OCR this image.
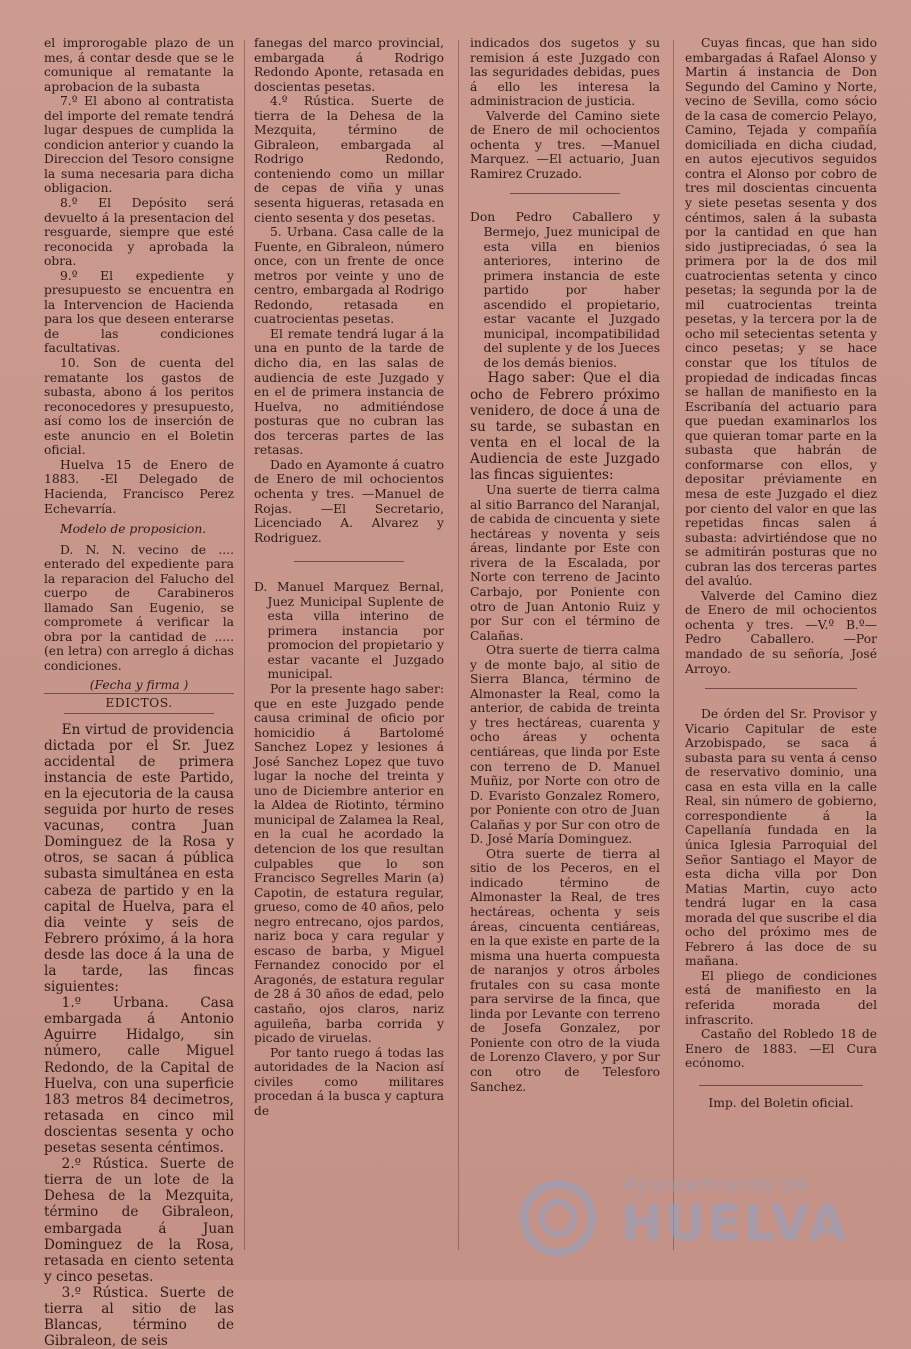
el improrogable plazo de un mes, á contar desde que se le comunique al rematante la aprobacion de la subasta

7.º El abono al contratista del importe del remate tendrá lugar despues de cumplida la condicion anterior y cuando la Direccion del Tesoro consigne la suma necesaria para dicha obligacion.

8.º El Depósito será devuelto á la presentacion del resguarde, siempre que esté reconocida y aprobada la obra.

9.º El expediente y presupuesto se encuentra en la Intervencion de Hacienda para los que deseen enterarse de las condiciones facultativas.

10. Son de cuenta del rematante los gastos de subasta, abono á los peritos reconocedores y presupuesto, así como los de inserción de este anuncio en el Boletin oficial.

Huelva 15 de Enero de 1883. -El Delegado de Hacienda, Francisco Perez Echevarría.

Modelo de proposicion.

D. N. N. vecino de .... enterado del expediente para la reparacion del Falucho del cuerpo de Carabineros llamado San Eugenio, se compromete á verificar la obra por la cantidad de ..... (en letra) con arreglo á dichas condiciones.

(Fecha y firma )

EDICTOS.

En virtud de providencia dictada por el Sr. Juez accidental de primera instancia de este Partido, en la ejecutoria de la causa seguida por hurto de reses vacunas, contra Juan Dominguez de la Rosa y otros, se sacan á pública subasta simultánea en esta cabeza de partido y en la capital de Huelva, para el dia veinte y seis de Febrero próximo, á la hora desde las doce á la una de la tarde, las fincas siguientes:

1.º Urbana. Casa embargada á Antonio Aguirre Hidalgo, sin número, calle Miguel Redondo, de la Capital de Huelva, con una superficie 183 metros 84 decimetros, retasada en cinco mil doscientas sesenta y ocho pesetas sesenta céntimos.

2.º Rústica. Suerte de tierra de un lote de la Dehesa de la Mezquita, término de Gibraleon, embargada á Juan Dominguez de la Rosa, retasada en ciento setenta y cinco pesetas.

3.º Rústica. Suerte de tierra al sitio de las Blancas, término de Gibraleon, de seis

fanegas del marco provincial, embargada á Rodrigo Redondo Aponte, retasada en doscientas pesetas.

4.º Rústica. Suerte de tierra de la Dehesa de la Mezquita, término de Gibraleon, embargada al Rodrigo Redondo, conteniendo como un millar de cepas de viña y unas sesenta higueras, retasada en ciento sesenta y dos pesetas.

5. Urbana. Casa calle de la Fuente, en Gibraleon, número once, con un frente de once metros por veinte y uno de centro, embargada al Rodrigo Redondo, retasada en cuatrocientas pesetas.

El remate tendrá lugar á la una en punto de la tarde de dicho dia, en las salas de audiencia de este Juzgado y en el de primera instancia de Huelva, no admitiéndose posturas que no cubran las dos terceras partes de las retasas.

Dado en Ayamonte á cuatro de Enero de mil ochocientos ochenta y tres. —Manuel de Rojas. —El Secretario, Licenciado A. Alvarez y Rodriguez.

D. Manuel Marquez Bernal, Juez Municipal Suplente de esta villa interino de primera instancia por promocion del propietario y estar vacante el Juzgado municipal.

Por la presente hago saber: que en este Juzgado pende causa criminal de oficio por homicidio á Bartolomé Sanchez Lopez y lesiones á José Sanchez Lopez que tuvo lugar la noche del treinta y uno de Diciembre anterior en la Aldea de Riotinto, término municipal de Zalamea la Real, en la cual he acordado la detencion de los que resultan culpables que lo son Francisco Segrelles Marin (a) Capotin, de estatura regular, grueso, como de 40 años, pelo negro entrecano, ojos pardos, nariz boca y cara regular y escaso de barba, y Miguel Fernandez conocido por el Aragonés, de estatura regular de 28 á 30 años de edad, pelo castaño, ojos claros, nariz aguileña, barba corrida y picado de viruelas.

Por tanto ruego á todas las autoridades de la Nacion así civiles como militares procedan á la busca y captura de

indicados dos sugetos y su remision á este Juzgado con las seguridades debidas, pues á ello les interesa la administracion de justicia.

Valverde del Camino siete de Enero de mil ochocientos ochenta y tres. —Manuel Marquez. —El actuario, Juan Ramirez Cruzado.

Don Pedro Caballero y Bermejo, Juez municipal de esta villa en bienios anteriores, interino de primera instancia de este partido por haber ascendido el propietario, estar vacante el Juzgado municipal, incompatibilidad del suplente y de los Jueces de los demás bienios.

Hago saber: Que el dia ocho de Febrero próximo venidero, de doce á una de su tarde, se subastan en venta en el local de la Audiencia de este Juzgado las fincas siguientes:

Una suerte de tierra calma al sitio Barranco del Naranjal, de cabida de cincuenta y siete hectáreas y noventa y seis áreas, lindante por Este con rivera de la Escalada, por Norte con terreno de Jacinto Carbajo, por Poniente con otro de Juan Antonio Ruiz y por Sur con el término de Calañas.

Otra suerte de tierra calma y de monte bajo, al sitio de Sierra Blanca, término de Almonaster la Real, como la anterior, de cabida de treinta y tres hectáreas, cuarenta y ocho áreas y ochenta centiáreas, que linda por Este con terreno de D. Manuel Muñiz, por Norte con otro de D. Evaristo Gonzalez Romero, por Poniente con otro de Juan Calañas y por Sur con otro de D. José María Dominguez.

Otra suerte de tierra al sitio de los Peceros, en el indicado término de Almonaster la Real, de tres hectáreas, ochenta y seis áreas, cincuenta centiáreas, en la que existe en parte de la misma una huerta compuesta de naranjos y otros árboles frutales con su casa monte para servirse de la finca, que linda por Levante con terreno de Josefa Gonzalez, por Poniente con otro de la viuda de Lorenzo Clavero, y por Sur con otro de Telesforo Sanchez.

Cuyas fincas, que han sido embargadas á Rafael Alonso y Martin á instancia de Don Segundo del Camino y Norte, vecino de Sevilla, como sócio de la casa de comercio Pelayo, Camino, Tejada y compañía domiciliada en dicha ciudad, en autos ejecutivos seguidos contra el Alonso por cobro de tres mil doscientas cincuenta y siete pesetas sesenta y dos céntimos, salen á la subasta por la cantidad en que han sido justipreciadas, ó sea la primera por la de dos mil cuatrocientas setenta y cinco pesetas; la segunda por la de mil cuatrocientas treinta pesetas, y la tercera por la de ocho mil setecientas setenta y cinco pesetas; y se hace constar que los títulos de propiedad de indicadas fincas se hallan de manifiesto en la Escribanía del actuario para que puedan examinarlos los que quieran tomar parte en la subasta que habrán de conformarse con ellos, y depositar préviamente en mesa de este Juzgado el diez por ciento del valor en que las repetidas fincas salen á subasta: advirtiéndose que no se admitirán posturas que no cubran las dos terceras partes del avalúo.

Valverde del Camino diez de Enero de mil ochocientos ochenta y tres. —V.º B.º— Pedro Caballero. —Por mandado de su señoría, José Arroyo.

De órden del Sr. Provisor y Vicario Capitular de este Arzobispado, se saca á subasta para su venta á censo de reservativo dominio, una casa en esta villa en la calle Real, sin número de gobierno, correspondiente á la Capellanía fundada en la única Iglesia Parroquial del Señor Santiago el Mayor de esta dicha villa por Don Matias Martin, cuyo acto tendrá lugar en la casa morada del que suscribe el dia ocho del próximo mes de Febrero á las doce de su mañana.

El pliego de condiciones está de manifiesto en la referida morada del infrascrito.

Castaño del Robledo 18 de Enero de 1883. —El Cura ecónomo.

Imp. del Boletin oficial.

Ayuntamiento de
HUELVA
